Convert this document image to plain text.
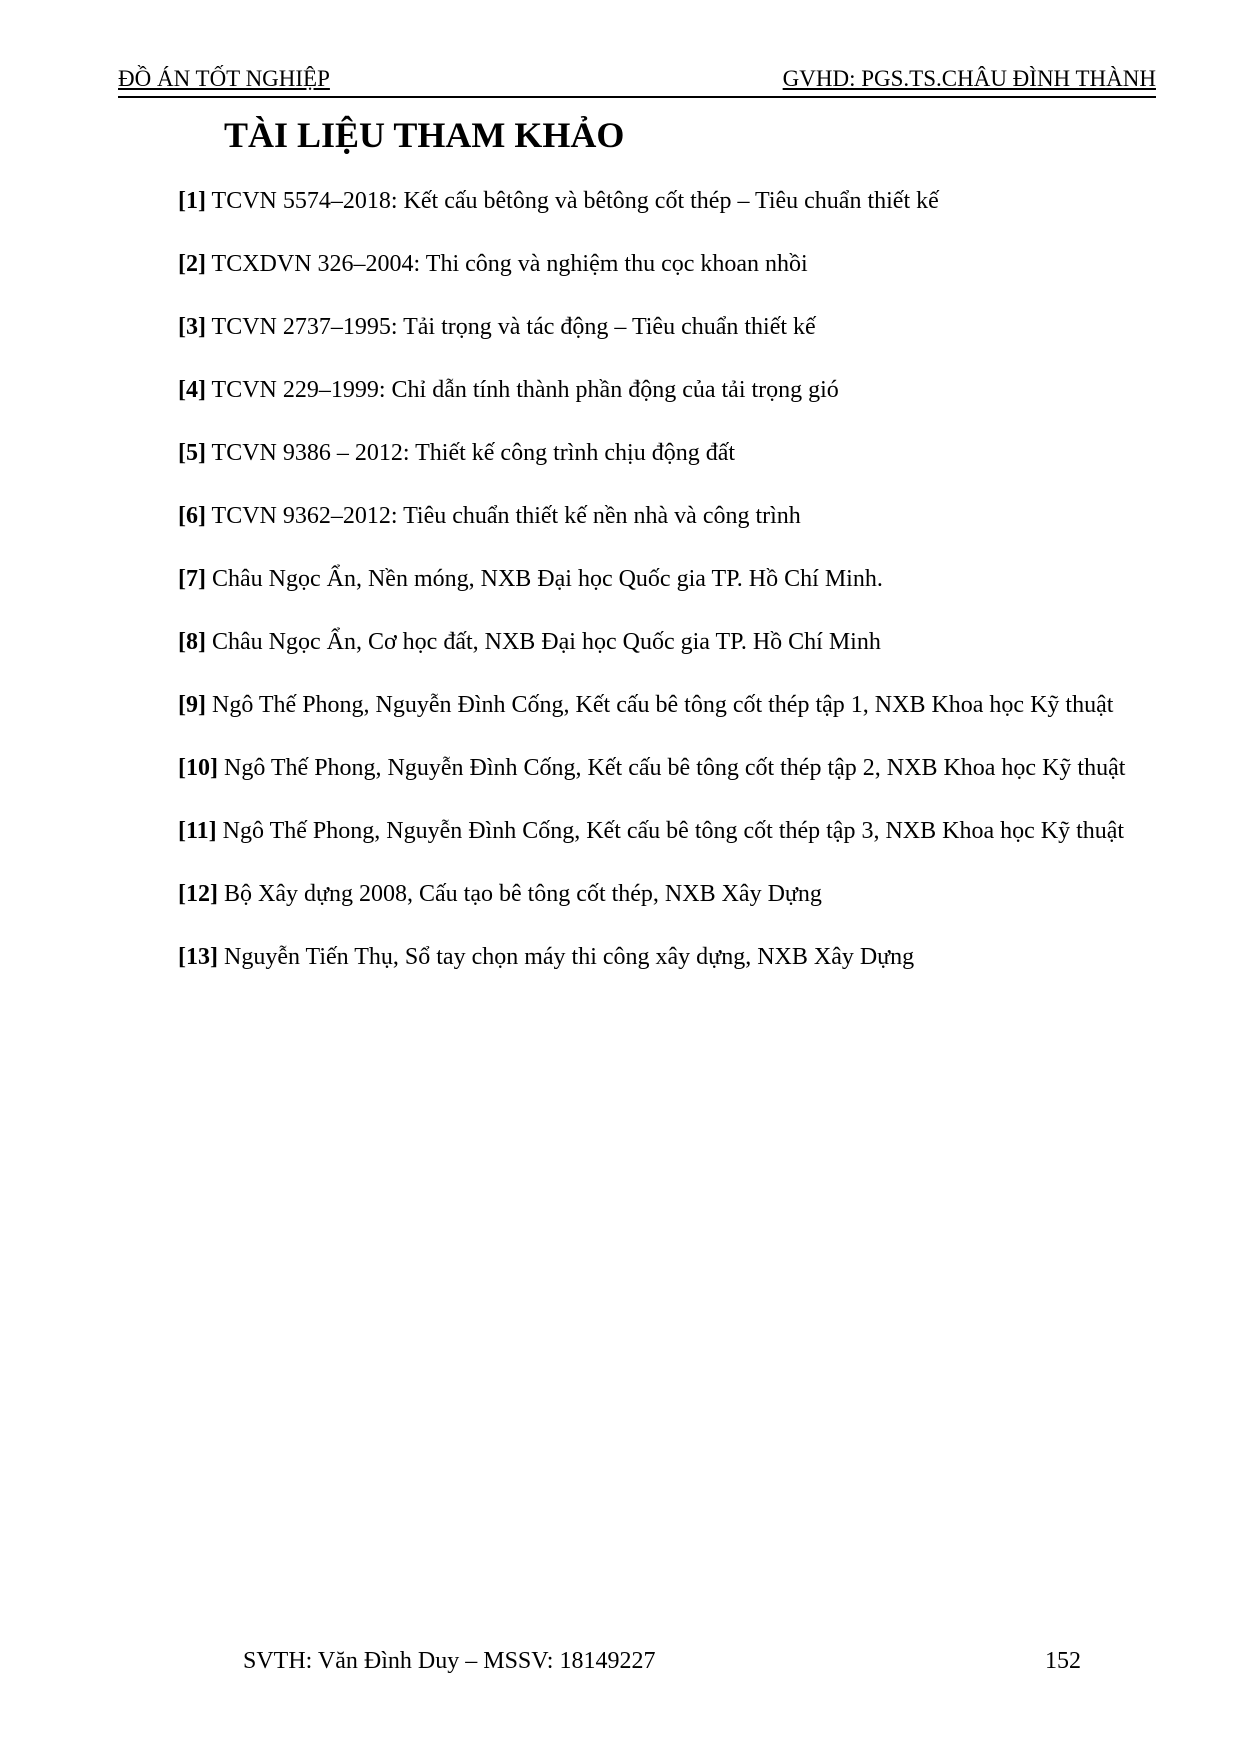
ĐỒ ÁN TỐT NGHIỆP	GVHD: PGS.TS.CHÂU ĐÌNH THÀNH
TÀI LIỆU THAM KHẢO
[1] TCVN 5574–2018: Kết cấu bêtông và bêtông cốt thép – Tiêu chuẩn thiết kế
[2] TCXDVN 326–2004: Thi công và nghiệm thu cọc khoan nhồi
[3] TCVN 2737–1995: Tải trọng và tác động – Tiêu chuẩn thiết kế
[4] TCVN 229–1999: Chỉ dẫn tính thành phần động của tải trọng gió
[5] TCVN 9386 – 2012: Thiết kế công trình chịu động đất
[6] TCVN 9362–2012: Tiêu chuẩn thiết kế nền nhà và công trình
[7] Châu Ngọc Ẩn, Nền móng, NXB Đại học Quốc gia TP. Hồ Chí Minh.
[8] Châu Ngọc Ẩn, Cơ học đất, NXB Đại học Quốc gia TP. Hồ Chí Minh
[9] Ngô Thế Phong, Nguyễn Đình Cống, Kết cấu bê tông cốt thép tập 1, NXB Khoa học Kỹ thuật
[10] Ngô Thế Phong, Nguyễn Đình Cống, Kết cấu bê tông cốt thép tập 2, NXB Khoa học Kỹ thuật
[11] Ngô Thế Phong, Nguyễn Đình Cống, Kết cấu bê tông cốt thép tập 3, NXB Khoa học Kỹ thuật
[12] Bộ Xây dựng 2008, Cấu tạo bê tông cốt thép, NXB Xây Dựng
[13] Nguyễn Tiến Thụ, Sổ tay chọn máy thi công xây dựng, NXB Xây Dựng
SVTH: Văn Đình Duy – MSSV: 18149227	152
